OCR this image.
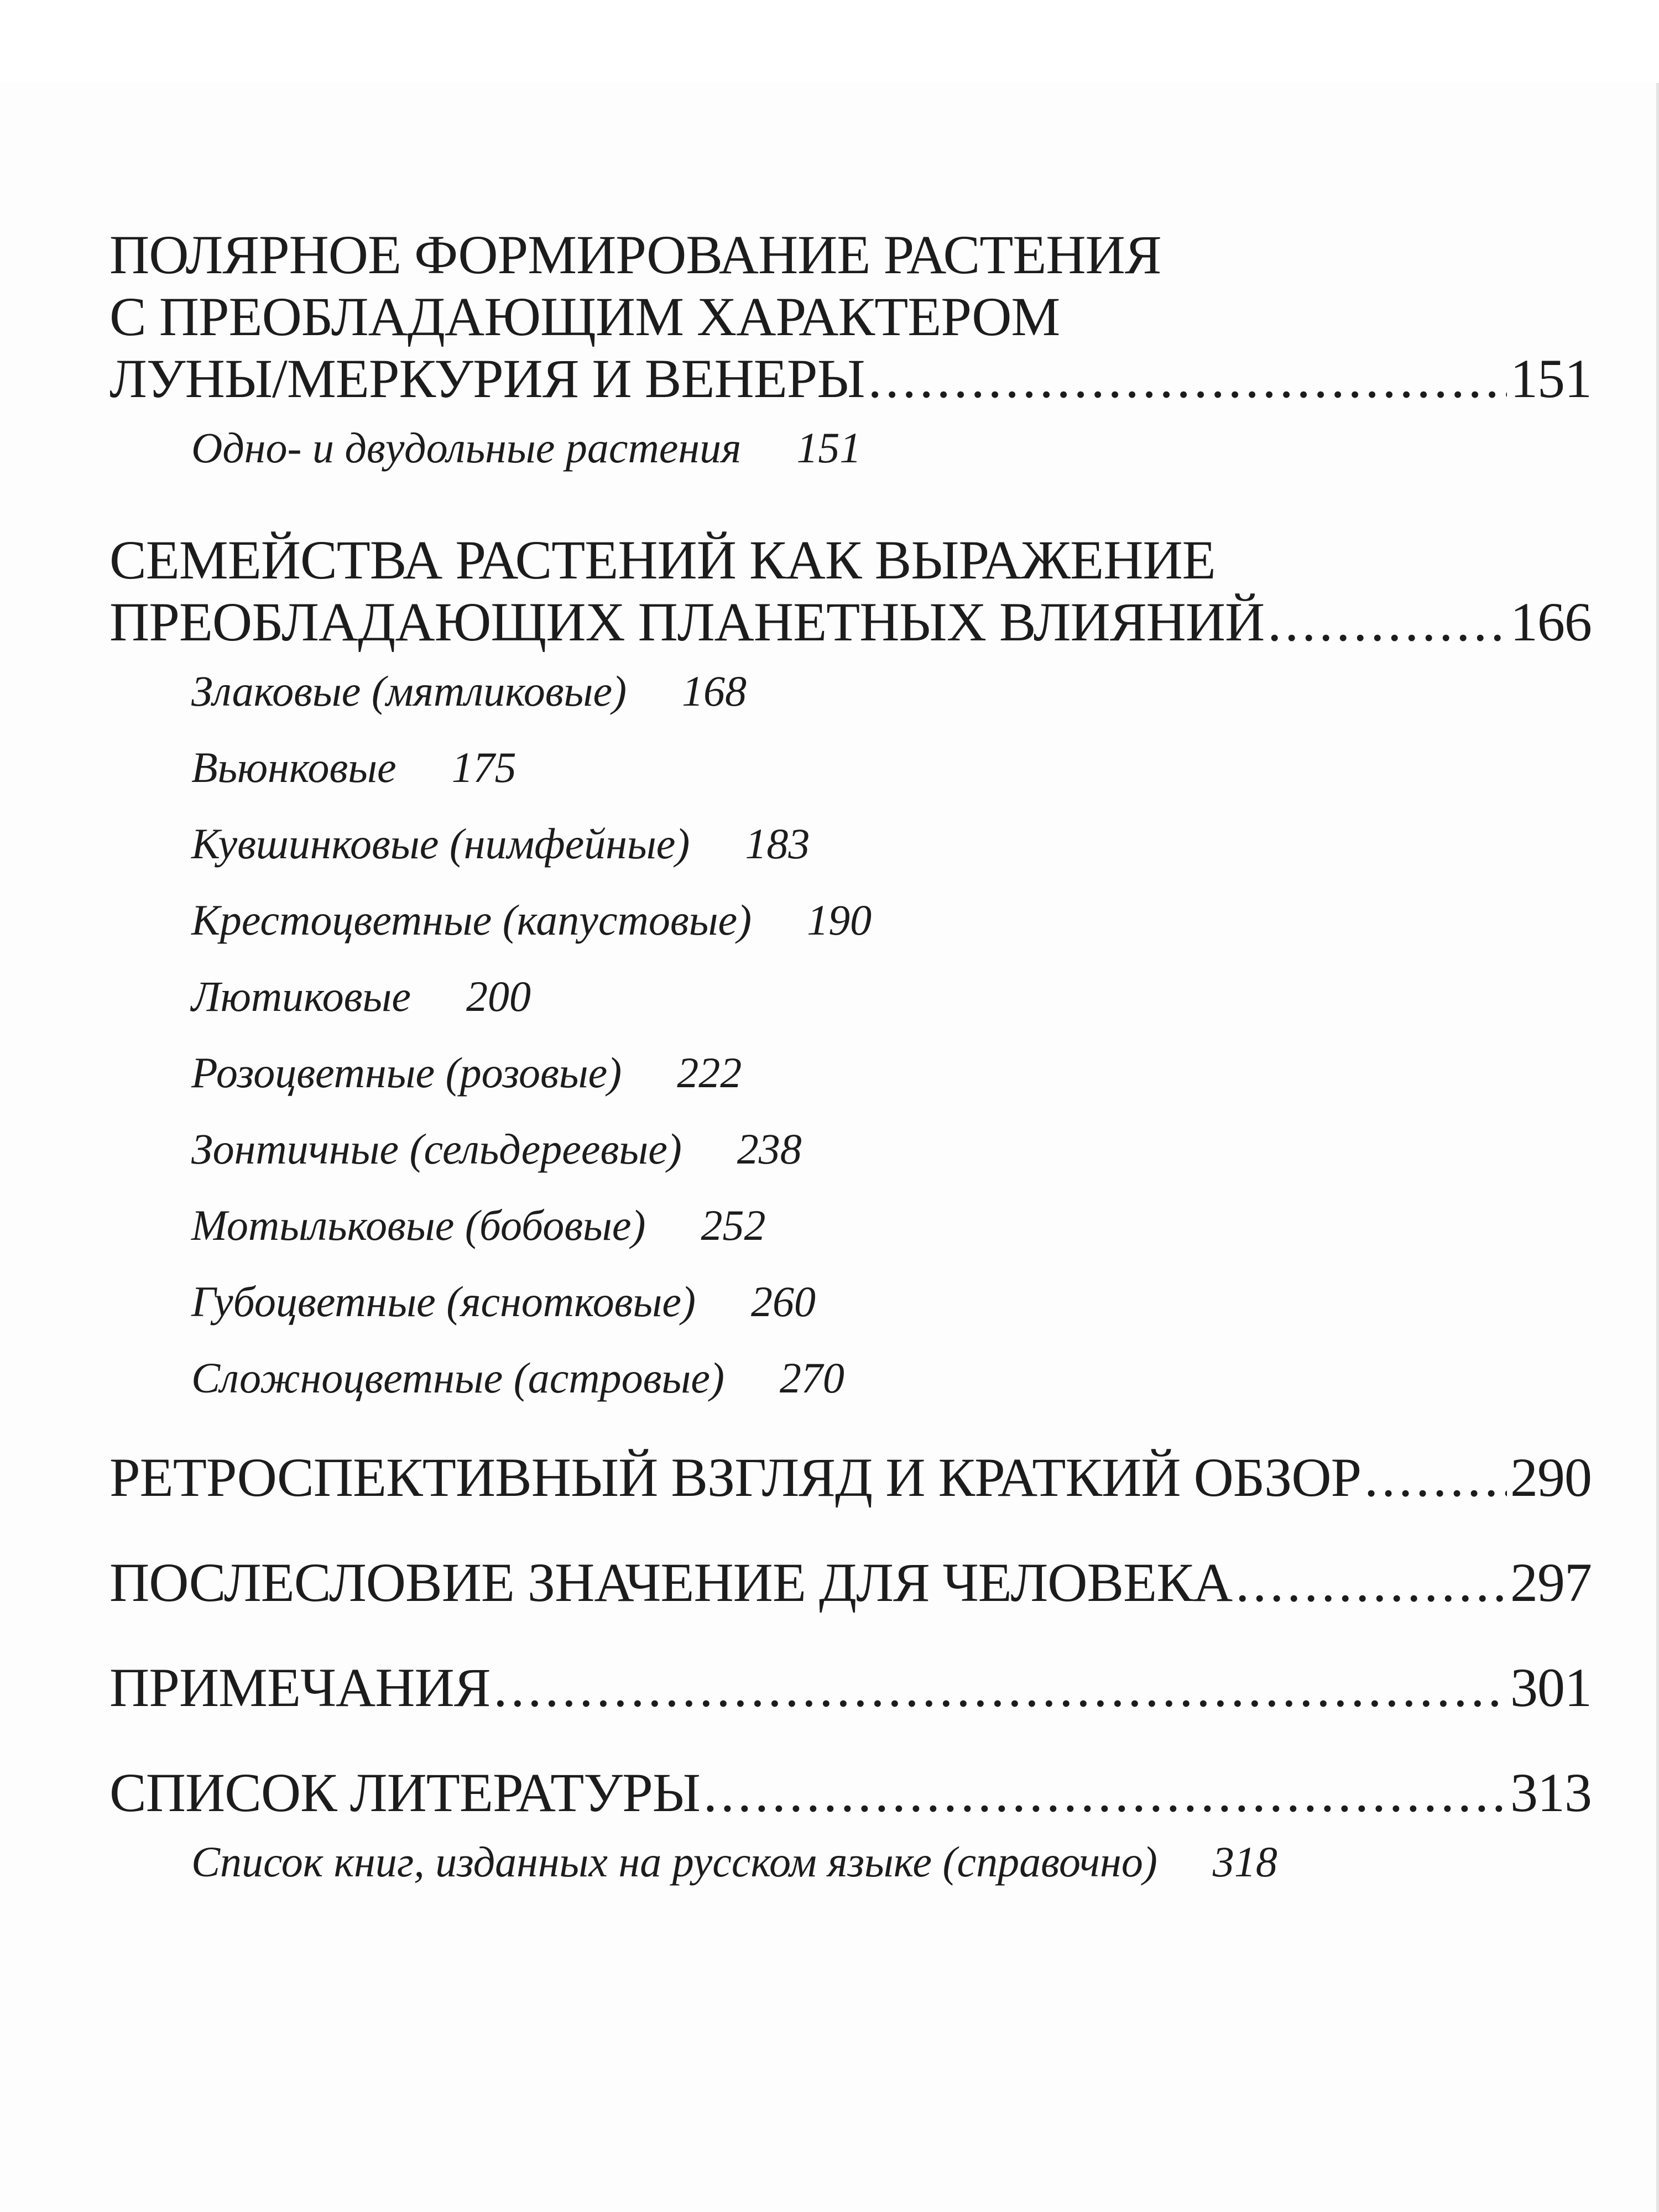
ПОЛЯРНОЕ ФОРМИРОВАНИЕ РАСТЕНИЯ
С ПРЕОБЛАДАЮЩИМ ХАРАКТЕРОМ
ЛУНЫ/МЕРКУРИЯ И ВЕНЕРЫ .....	151
Одно- и двудольные растения 151
СЕМЕЙСТВА РАСТЕНИЙ КАК ВЫРАЖЕНИЕ
ПРЕОБЛАДАЮЩИХ ПЛАНЕТНЫХ ВЛИЯНИЙ .....	166
Злаковые (мятликовые) 168
Вьюнковые 175
Кувшинковые (нимфейные) 183
Крестоцветные (капустовые) 190
Лютиковые 200
Розоцветные (розовые) 222
Зонтичные (сельдереевые) 238
Мотыльковые (бобовые) 252
Губоцветные (яснотковые) 260
Сложноцветные (астровые) 270
РЕТРОСПЕКТИВНЫЙ ВЗГЛЯД И КРАТКИЙ ОБЗОР .....	290
ПОСЛЕСЛОВИЕ ЗНАЧЕНИЕ ДЛЯ ЧЕЛОВЕКА .....	297
ПРИМЕЧАНИЯ .....	301
СПИСОК ЛИТЕРАТУРЫ .....	313
Список книг, изданных на русском языке (справочно) 318
